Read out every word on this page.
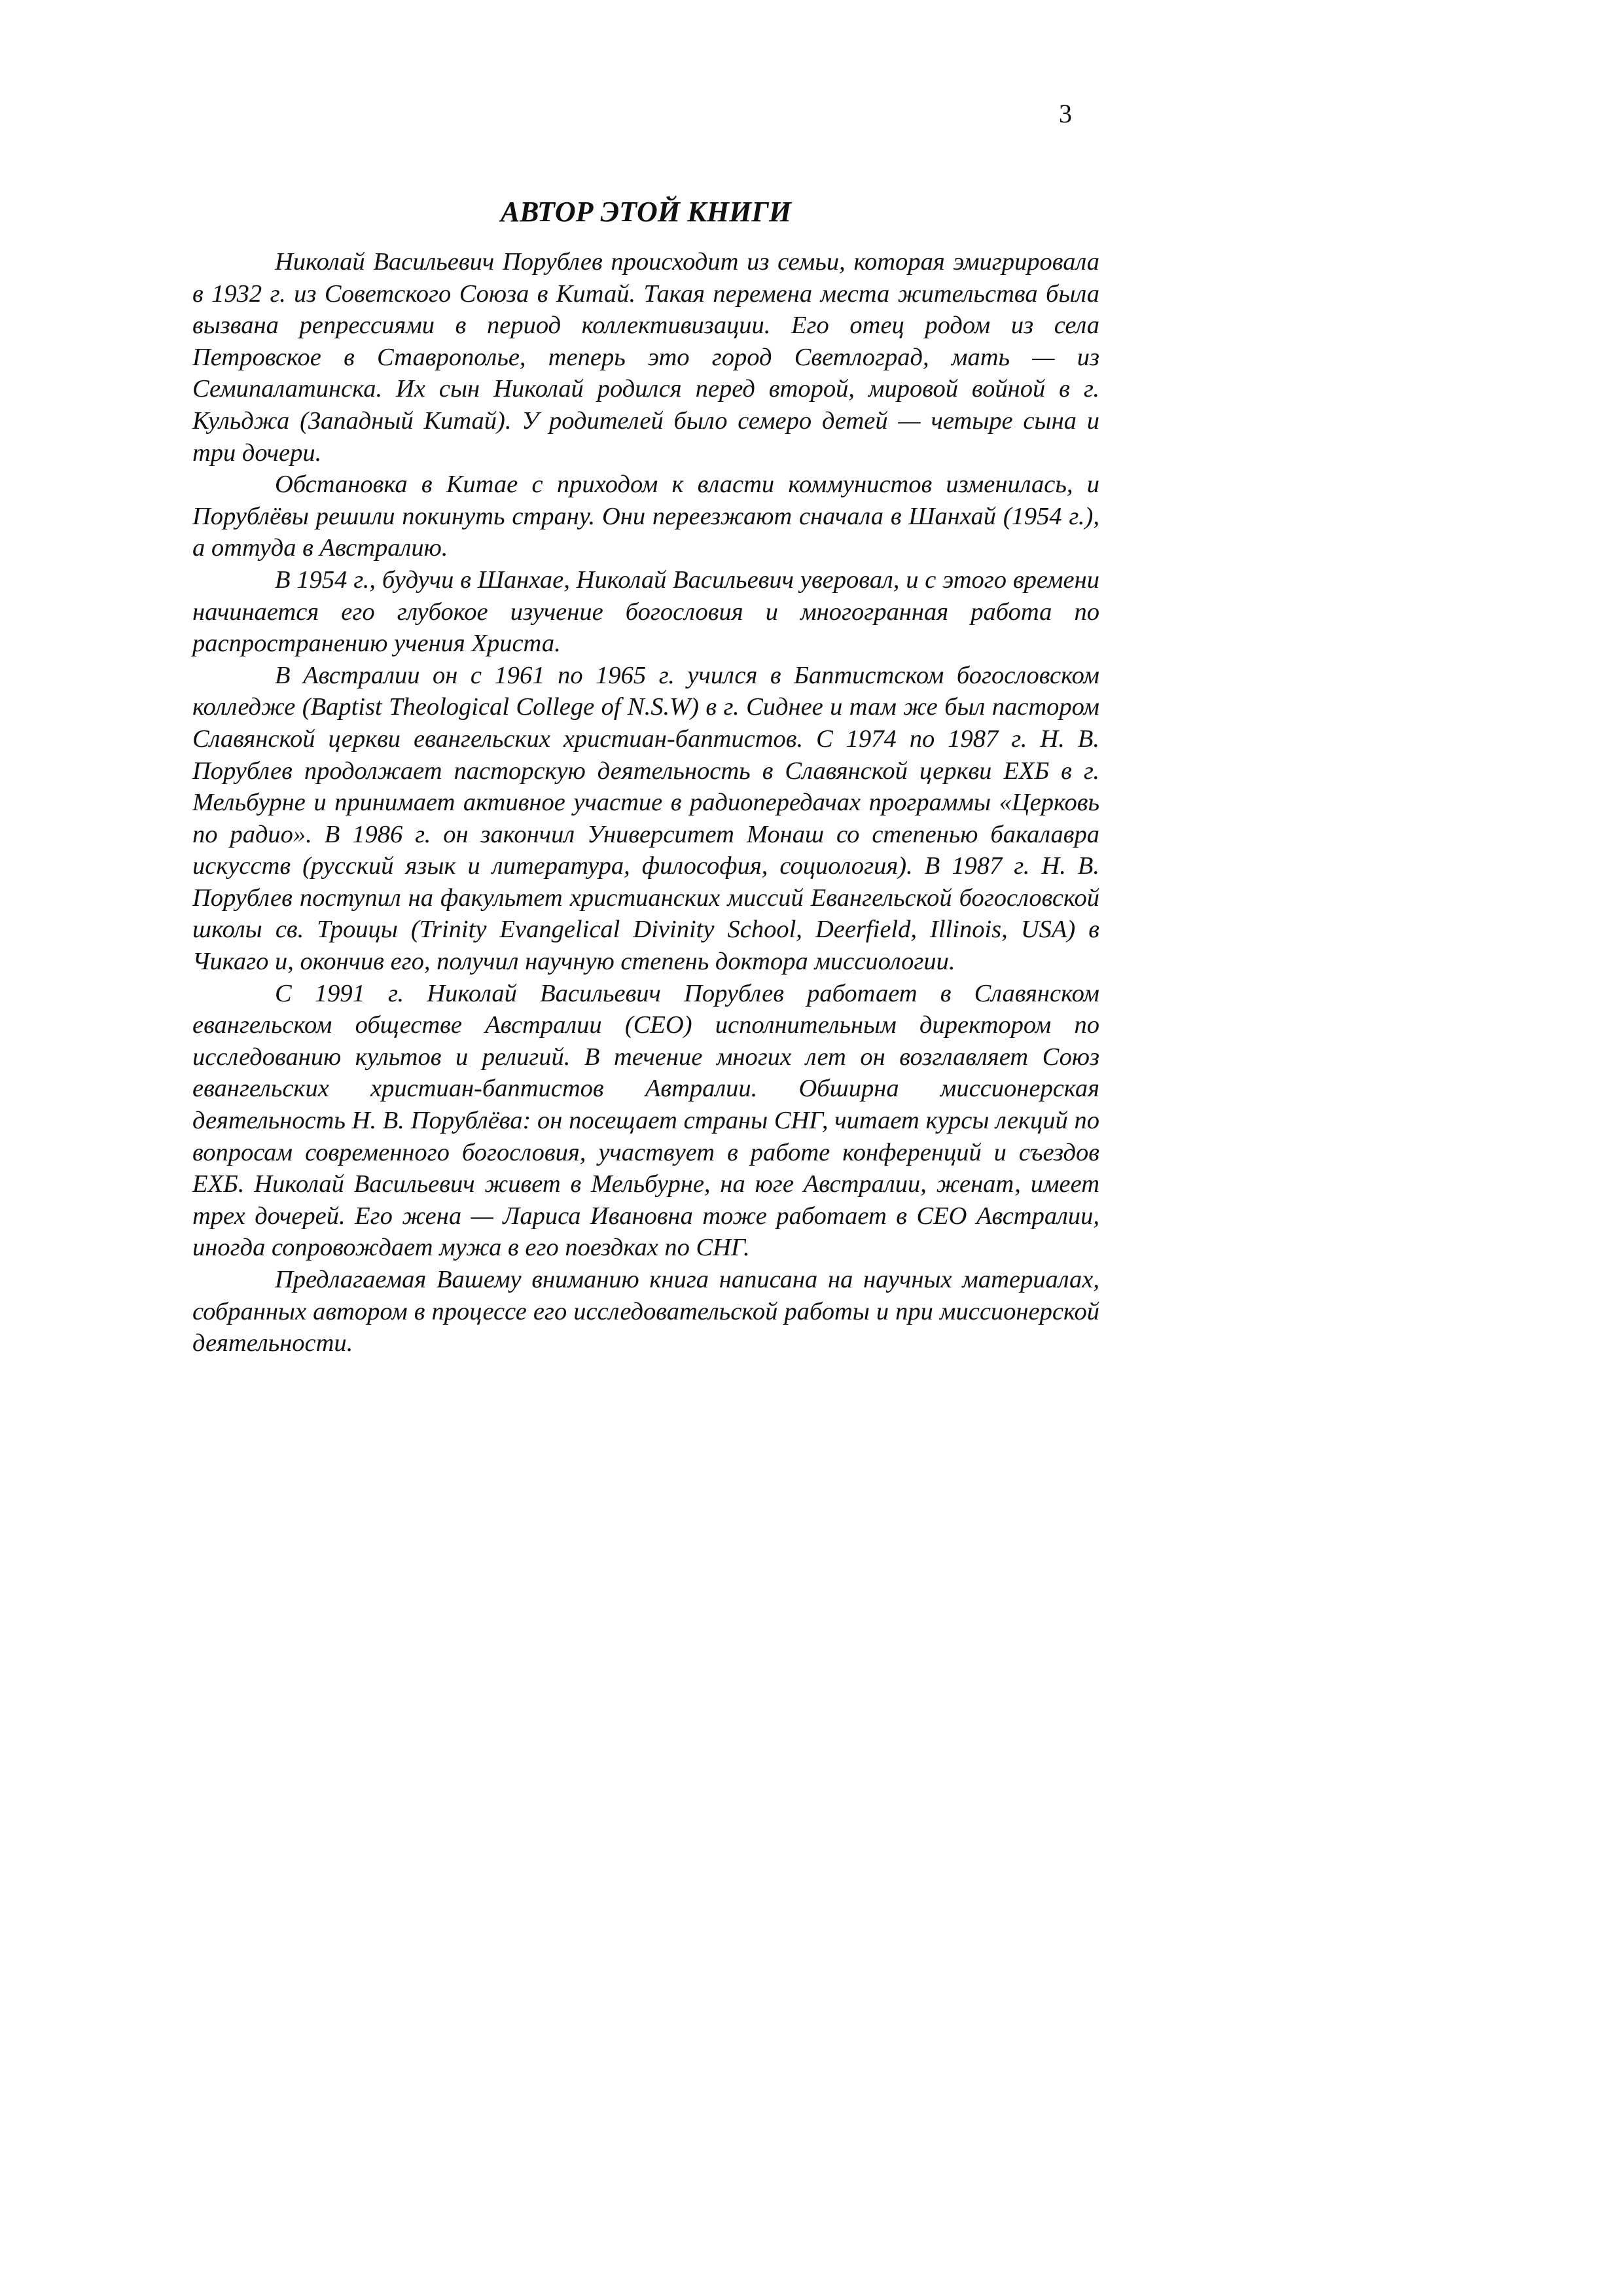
3

АВТОР ЭТОЙ КНИГИ

Николай Васильевич Порублев происходит из семьи, которая эмигрировала в 1932 г. из Советского Союза в Китай. Такая перемена места жительства была вызвана репрессиями в период коллективизации. Его отец родом из села Петровское в Ставрополье, теперь это город Светлоград, мать — из Семипалатинска. Их сын Николай родился перед второй, мировой войной в г. Кульджа (Западный Китай). У родителей было семеро детей — четыре сына и три дочери.

Обстановка в Китае с приходом к власти коммунистов изменилась, и Порублёвы решили покинуть страну. Они переезжают сначала в Шанхай (1954 г.), а оттуда в Австралию.

В 1954 г., будучи в Шанхае, Николай Васильевич уверовал, и с этого времени начинается его глубокое изучение богословия и многогранная работа по распространению учения Христа.

В Австралии он с 1961 по 1965 г. учился в Баптистском богословском колледже (Baptist Theological College of N.S.W) в г. Сиднее и там же был пастором Славянской церкви евангельских христиан-баптистов. С 1974 по 1987 г. Н. В. Порублев продолжает пасторскую деятельность в Славянской церкви ЕХБ в г. Мельбурне и принимает активное участие в радиопередачах программы «Церковь по радио». В 1986 г. он закончил Университет Монаш со степенью бакалавра искусств (русский язык и литература, философия, социология). В 1987 г. Н. В. Порублев поступил на факультет христианских миссий Евангельской богословской школы св. Троицы (Trinity Evangelical Divinity School, Deerfield, Illinois, USA) в Чикаго и, окончив его, получил научную степень доктора миссиологии.

С 1991 г. Николай Васильевич Порублев работает в Славянском евангельском обществе Австралии (СЕО) исполнительным директором по исследованию культов и религий. В течение многих лет он возглавляет Союз евангельских христиан-баптистов Автралии. Обширна миссионерская деятельность Н. В. Порублёва: он посещает страны СНГ, читает курсы лекций по вопросам современного богословия, участвует в работе конференций и съездов ЕХБ. Николай Васильевич живет в Мельбурне, на юге Австралии, женат, имеет трех дочерей. Его жена — Лариса Ивановна тоже работает в СЕО Австралии, иногда сопровождает мужа в его поездках по СНГ.

Предлагаемая Вашему вниманию книга написана на научных материалах, собранных автором в процессе его исследовательской работы и при миссионерской деятельности.
